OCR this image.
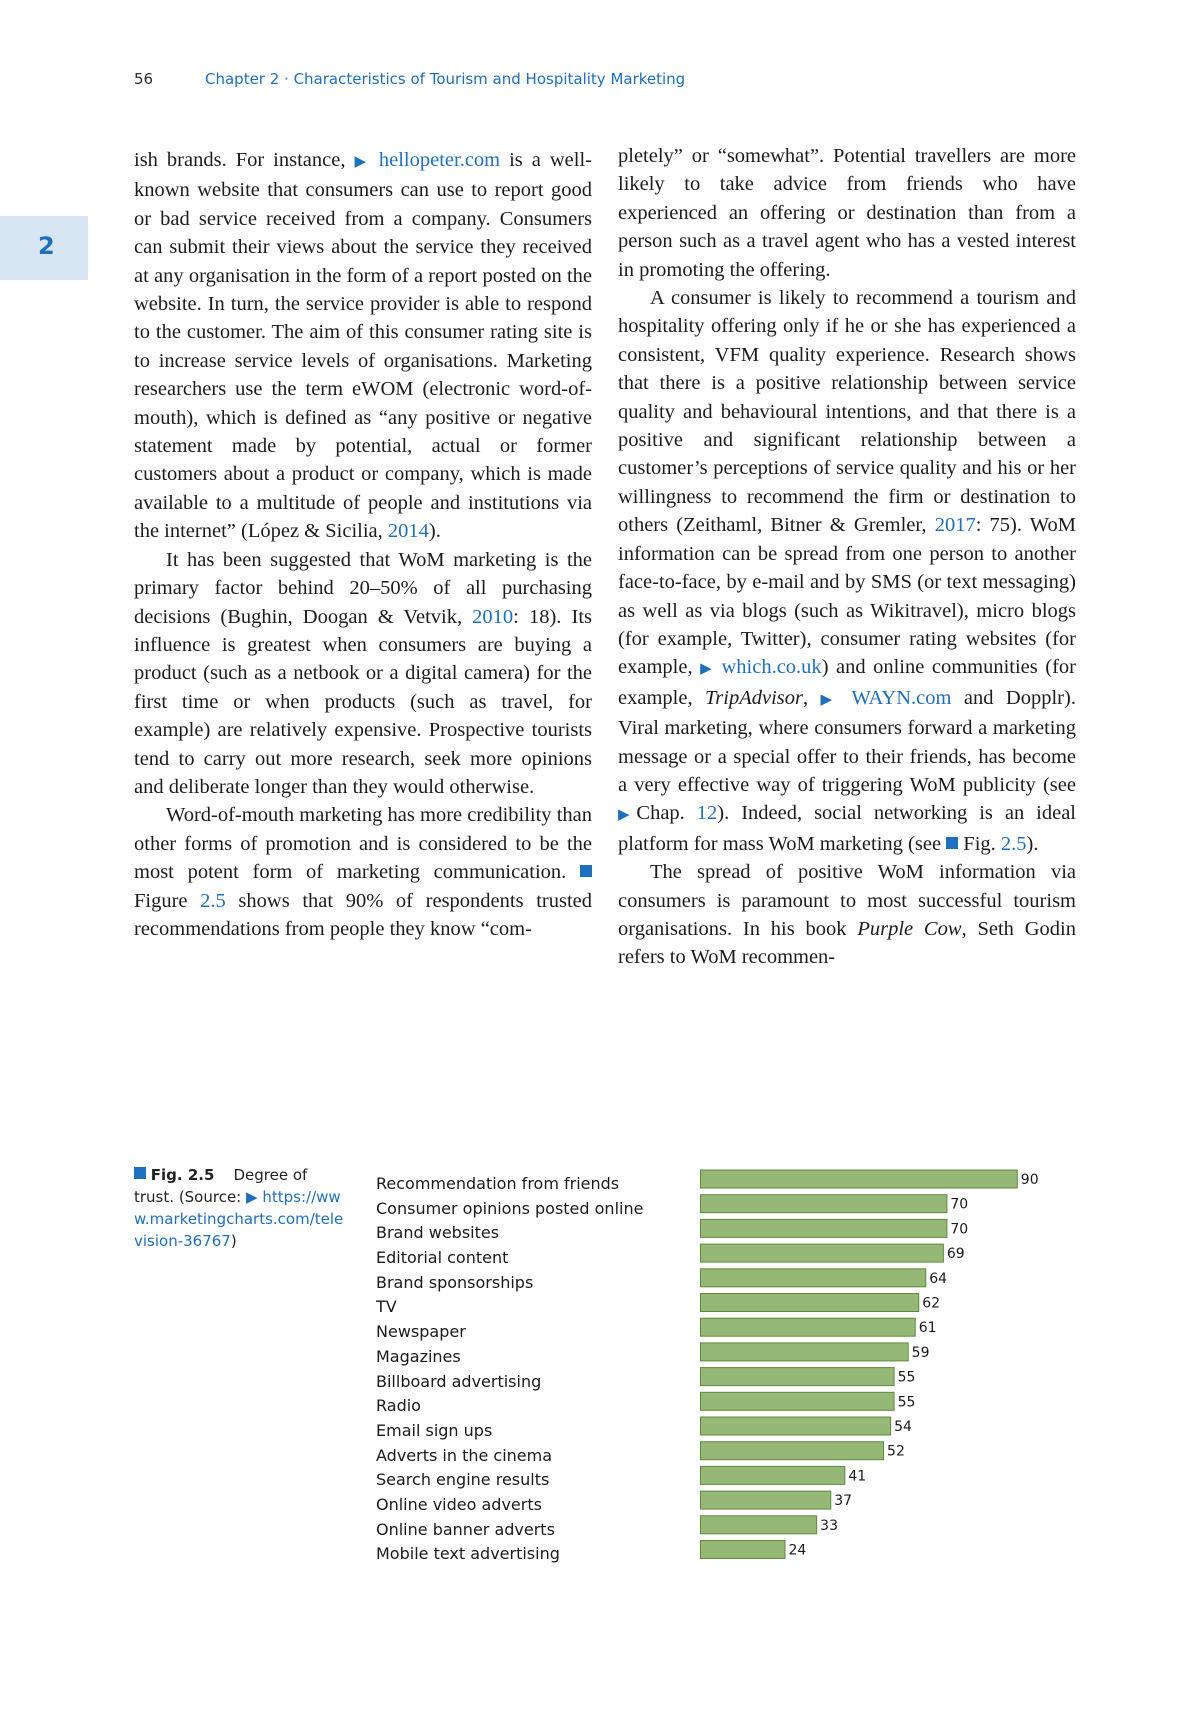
56	Chapter 2 · Characteristics of Tourism and Hospitality Marketing
2

ish brands. For instance, ▶ hellopeter.com is a well-known website that consumers can use to report good or bad service received from a company. Consumers can submit their views about the service they received at any organisation in the form of a report posted on the website. In turn, the service provider is able to respond to the customer. The aim of this consumer rating site is to increase service levels of organisations. Marketing researchers use the term eWOM (electronic word-of-mouth), which is defined as “any positive or negative statement made by potential, actual or former customers about a product or company, which is made available to a multitude of people and institutions via the internet” (López & Sicilia, 2014).

It has been suggested that WoM marketing is the primary factor behind 20–50% of all purchasing decisions (Bughin, Doogan & Vetvik, 2010: 18). Its influence is greatest when consumers are buying a product (such as a netbook or a digital camera) for the first time or when products (such as travel, for example) are relatively expensive. Prospective tourists tend to carry out more research, seek more opinions and deliberate longer than they would otherwise.

Word-of-mouth marketing has more credibility than other forms of promotion and is considered to be the most potent form of marketing communication.  Figure 2.5 shows that 90% of respondents trusted recommendations from people they know “com-

pletely” or “somewhat”. Potential travellers are more likely to take advice from friends who have experienced an offering or destination than from a person such as a travel agent who has a vested interest in promoting the offering.

A consumer is likely to recommend a tourism and hospitality offering only if he or she has experienced a consistent, VFM quality experience. Research shows that there is a positive relationship between service quality and behavioural intentions, and that there is a positive and significant relationship between a customer’s perceptions of service quality and his or her willingness to recommend the firm or destination to others (Zeithaml, Bitner & Gremler, 2017: 75). WoM information can be spread from one person to another face-to-face, by e-mail and by SMS (or text messaging) as well as via blogs (such as Wikitravel), micro blogs (for example, Twitter), consumer rating websites (for example, ▶ which.co.uk) and online communities (for example, TripAdvisor, ▶ WAYN.com and Dopplr). Viral marketing, where consumers forward a marketing message or a special offer to their friends, has become a very effective way of triggering WoM publicity (see ▶Chap. 12). Indeed, social networking is an ideal platform for mass WoM marketing (see  Fig. 2.5).

The spread of positive WoM information via consumers is paramount to most successful tourism organisations. In his book Purple Cow, Seth Godin refers to WoM recommen-

Fig. 2.5 Degree of trust. (Source: ▶ https://www.marketingcharts.com/television-36767)
Recommendation from friends
Consumer opinions posted online
Brand websites
Editorial content
Brand sponsorships
TV
Newspaper
Magazines
Billboard advertising
Radio
Email sign ups
Adverts in the cinema
Search engine results
Online video adverts
Online banner adverts
Mobile text advertising
90
70
70
69
64
62
61
59
55
55
54
52
41
37
33
24
